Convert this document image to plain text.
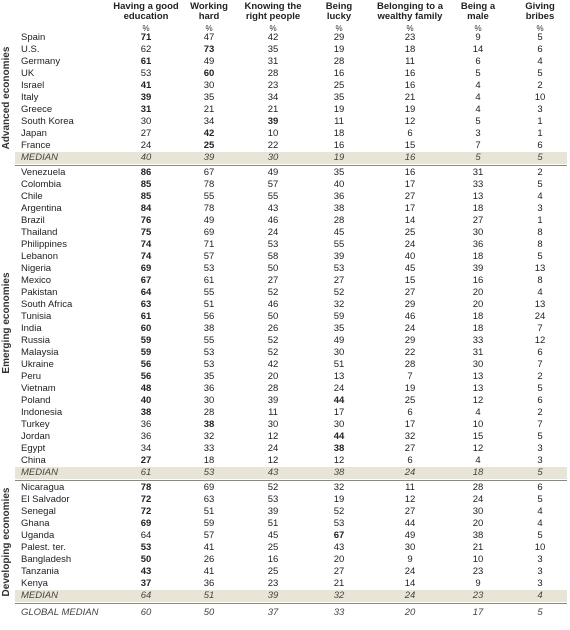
Having a good education
%
Working hard
%
Knowing the right people
%
Being lucky
%
Belonging to a wealthy family
%
Being a male
%
Giving bribes
%
Spain	71	47	42	29	23	9	5
U.S.	62	73	35	19	18	14	6
Germany	61	49	31	28	11	6	4
UK	53	60	28	16	16	5	5
Israel	41	30	23	25	16	4	2
Italy	39	35	34	35	21	4	10
Greece	31	21	21	19	19	4	3
South Korea	30	34	39	11	12	5	1
Japan	27	42	10	18	6	3	1
France	24	25	22	16	15	7	6
MEDIAN	40	39	30	19	16	5	5
Advanced economies
Venezuela	86	67	49	35	16	31	2
Colombia	85	78	57	40	17	33	5
Chile	85	55	55	36	27	13	4
Argentina	84	78	43	38	17	18	3
Brazil	76	49	46	28	14	27	1
Thailand	75	69	24	45	25	30	8
Philippines	74	71	53	55	24	36	8
Lebanon	74	57	58	39	40	18	5
Nigeria	69	53	50	53	45	39	13
Mexico	67	61	27	27	15	16	8
Pakistan	64	55	52	52	27	20	4
South Africa	63	51	46	32	29	20	13
Tunisia	61	56	50	59	46	18	24
India	60	38	26	35	24	18	7
Russia	59	55	52	49	29	33	12
Malaysia	59	53	52	30	22	31	6
Ukraine	56	53	42	51	28	30	7
Peru	56	35	20	13	7	13	2
Vietnam	48	36	28	24	19	13	5
Poland	40	30	39	44	25	12	6
Indonesia	38	28	11	17	6	4	2
Turkey	36	38	30	30	17	10	7
Jordan	36	32	12	44	32	15	5
Egypt	34	33	24	38	27	12	3
China	27	18	12	12	6	4	3
MEDIAN	61	53	43	38	24	18	5
Emerging economies
Nicaragua	78	69	52	32	11	28	6
El Salvador	72	63	53	19	12	24	5
Senegal	72	51	39	52	27	30	4
Ghana	69	59	51	53	44	20	4
Uganda	64	57	45	67	49	38	5
Palest. ter.	53	41	25	43	30	21	10
Bangladesh	50	26	16	20	9	10	3
Tanzania	43	41	25	27	24	23	3
Kenya	37	36	23	21	14	9	3
MEDIAN	64	51	39	32	24	23	4
Developing economies
GLOBAL MEDIAN	60	50	37	33	20	17	5
